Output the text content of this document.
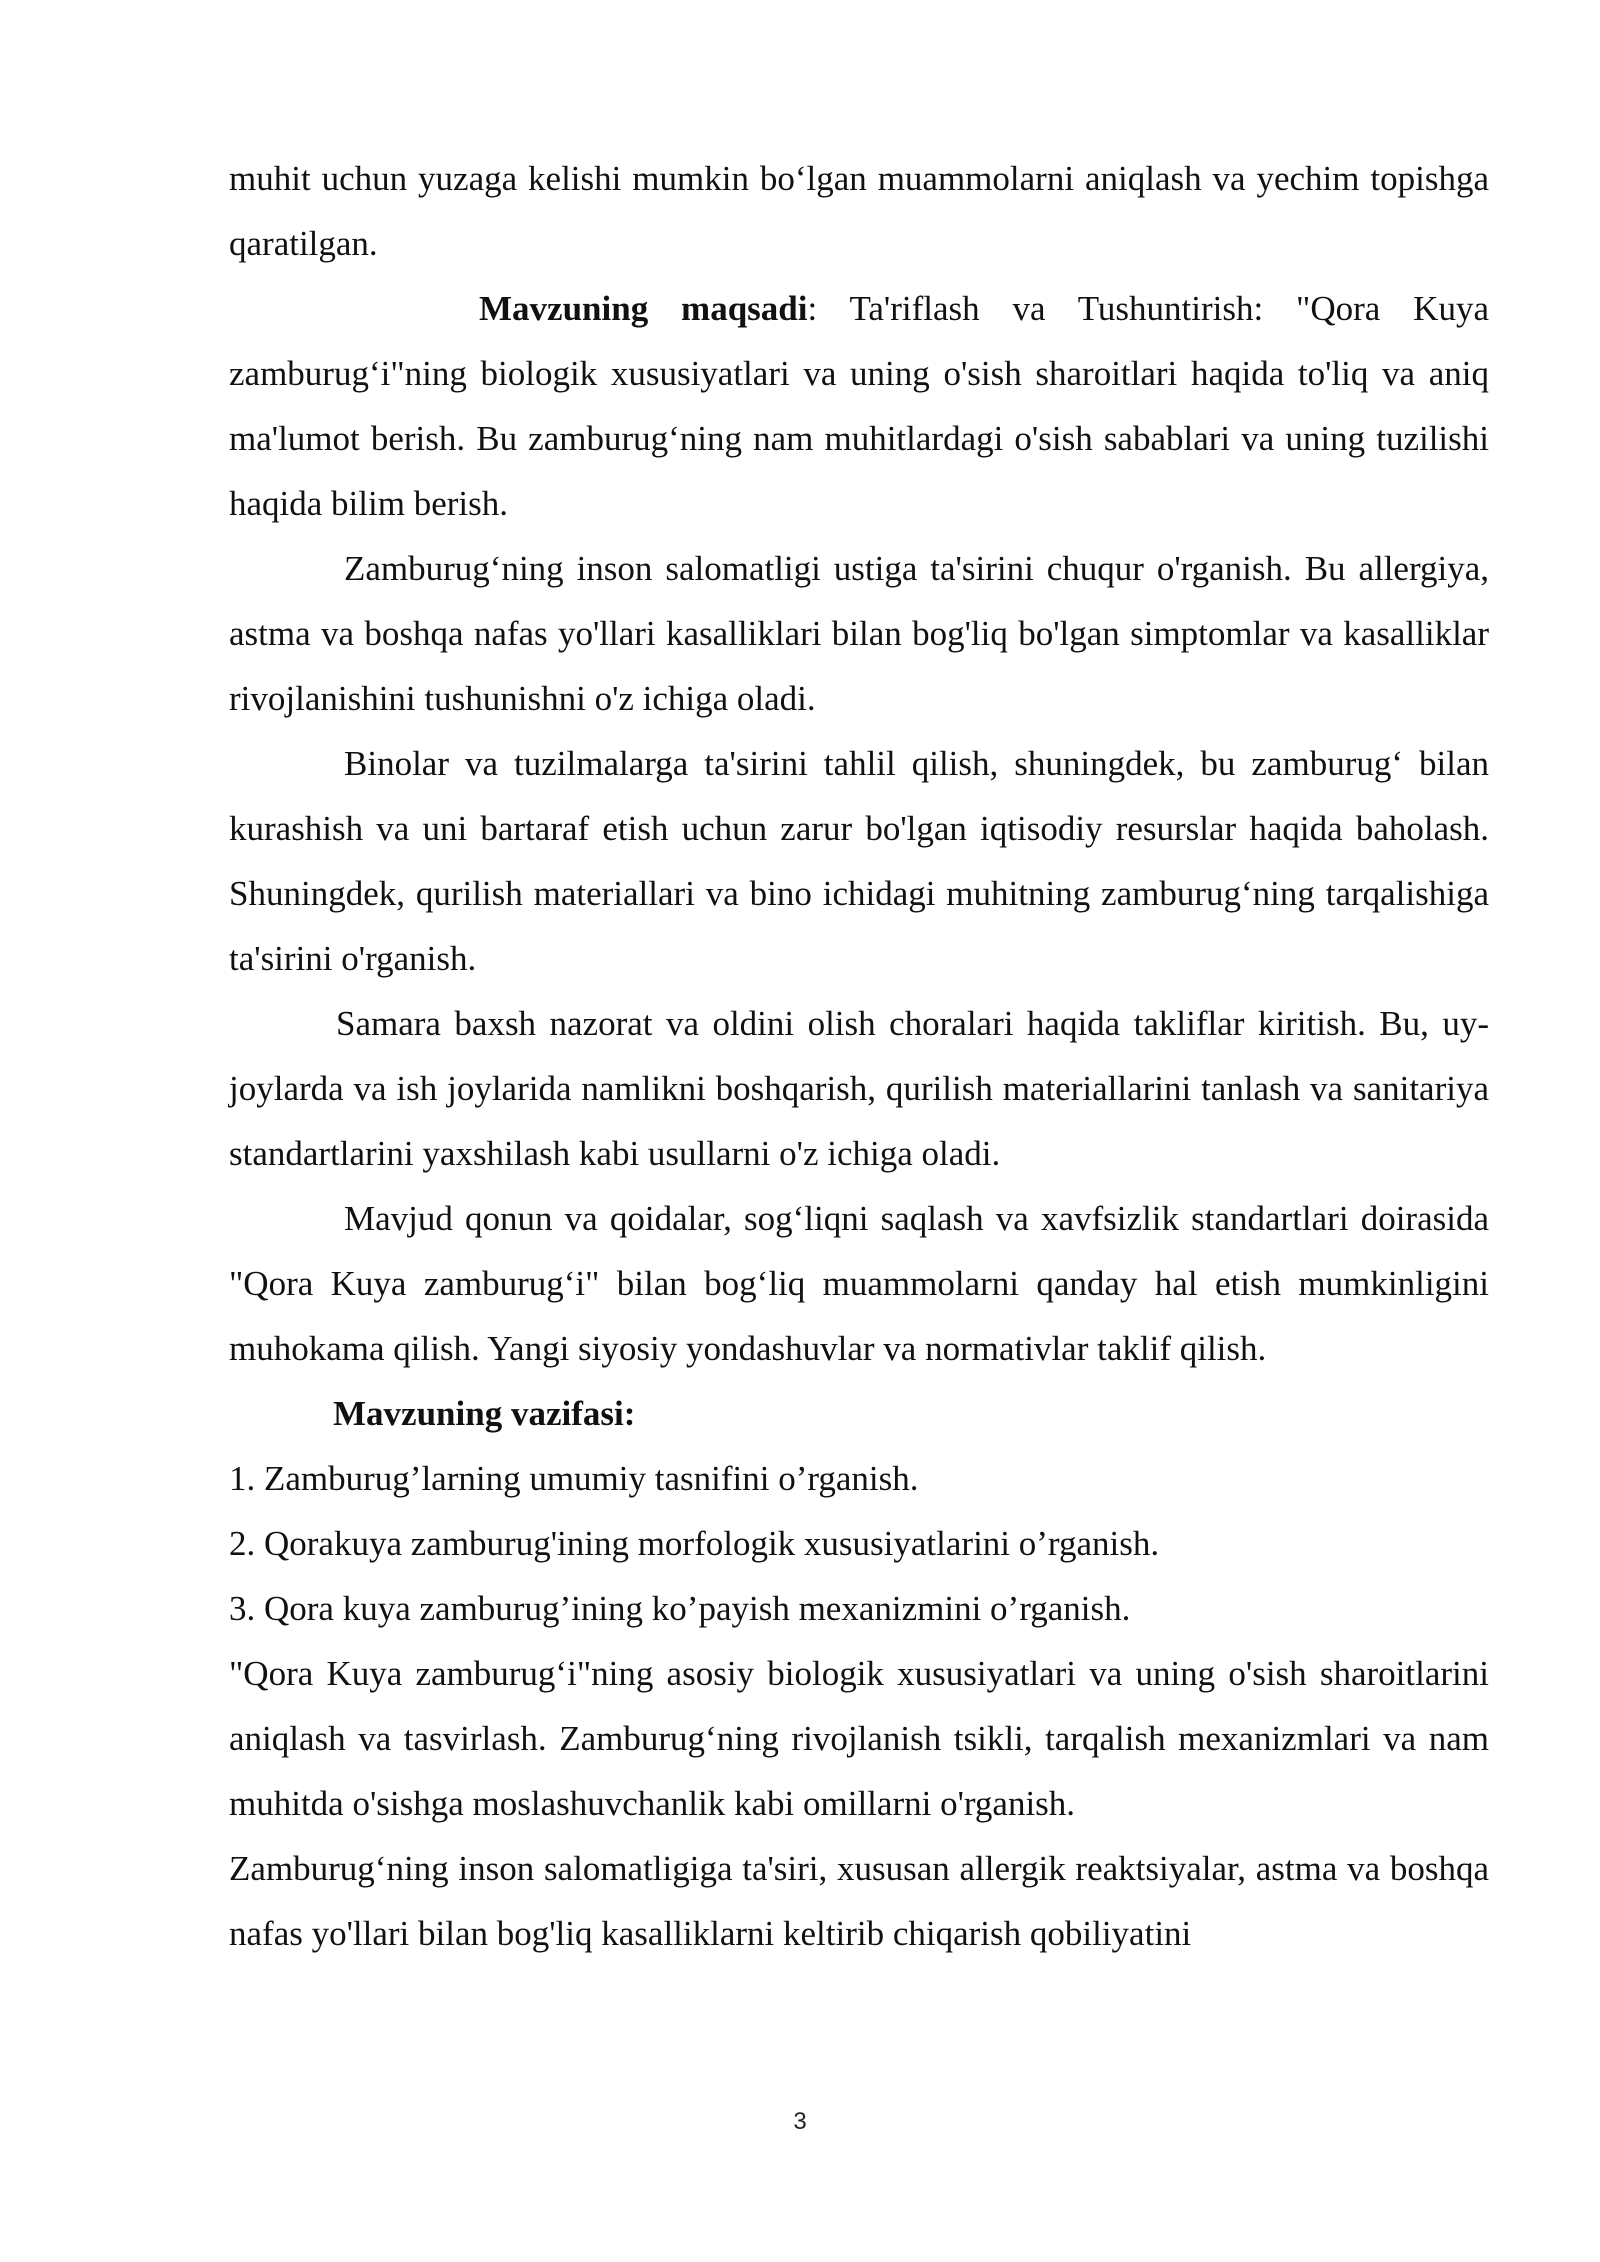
muhit uchun yuzaga kelishi mumkin bo‘lgan muammolarni aniqlash va yechim topishga qaratilgan.

Mavzuning maqsadi: Ta'riflash va Tushuntirish: "Qora Kuya zamburug‘i"ning biologik xususiyatlari va uning o'sish sharoitlari haqida to'liq va aniq ma'lumot berish. Bu zamburug‘ning nam muhitlardagi o'sish sabablari va uning tuzilishi haqida bilim berish.

Zamburug‘ning inson salomatligi ustiga ta'sirini chuqur o'rganish. Bu allergiya, astma va boshqa nafas yo'llari kasalliklari bilan bog'liq bo'lgan simptomlar va kasalliklar rivojlanishini tushunishni o'z ichiga oladi.

Binolar va tuzilmalarga ta'sirini tahlil qilish, shuningdek, bu zamburug‘ bilan kurashish va uni bartaraf etish uchun zarur bo'lgan iqtisodiy resurslar haqida baholash. Shuningdek, qurilish materiallari va bino ichidagi muhitning zamburug‘ning tarqalishiga ta'sirini o'rganish.

Samara baxsh nazorat va oldini olish choralari haqida takliflar kiritish. Bu, uy-joylarda va ish joylarida namlikni boshqarish, qurilish materiallarini tanlash va sanitariya standartlarini yaxshilash kabi usullarni o'z ichiga oladi.

Mavjud qonun va qoidalar, sog‘liqni saqlash va xavfsizlik standartlari doirasida "Qora Kuya zamburug‘i" bilan bog‘liq muammolarni qanday hal etish mumkinligini muhokama qilish. Yangi siyosiy yondashuvlar va normativlar taklif qilish.

Mavzuning vazifasi:

1. Zamburug’larning umumiy tasnifini o’rganish.

2. Qorakuya zamburug'ining morfologik xususiyatlarini o’rganish.

3. Qora kuya zamburug’ining ko’payish mexanizmini o’rganish.

"Qora Kuya zamburug‘i"ning asosiy biologik xususiyatlari va uning o'sish sharoitlarini aniqlash va tasvirlash. Zamburug‘ning rivojlanish tsikli, tarqalish mexanizmlari va nam muhitda o'sishga moslashuvchanlik kabi omillarni o'rganish.

Zamburug‘ning inson salomatligiga ta'siri, xususan allergik reaktsiyalar, astma va boshqa nafas yo'llari bilan bog'liq kasalliklarni keltirib chiqarish qobiliyatini

3
